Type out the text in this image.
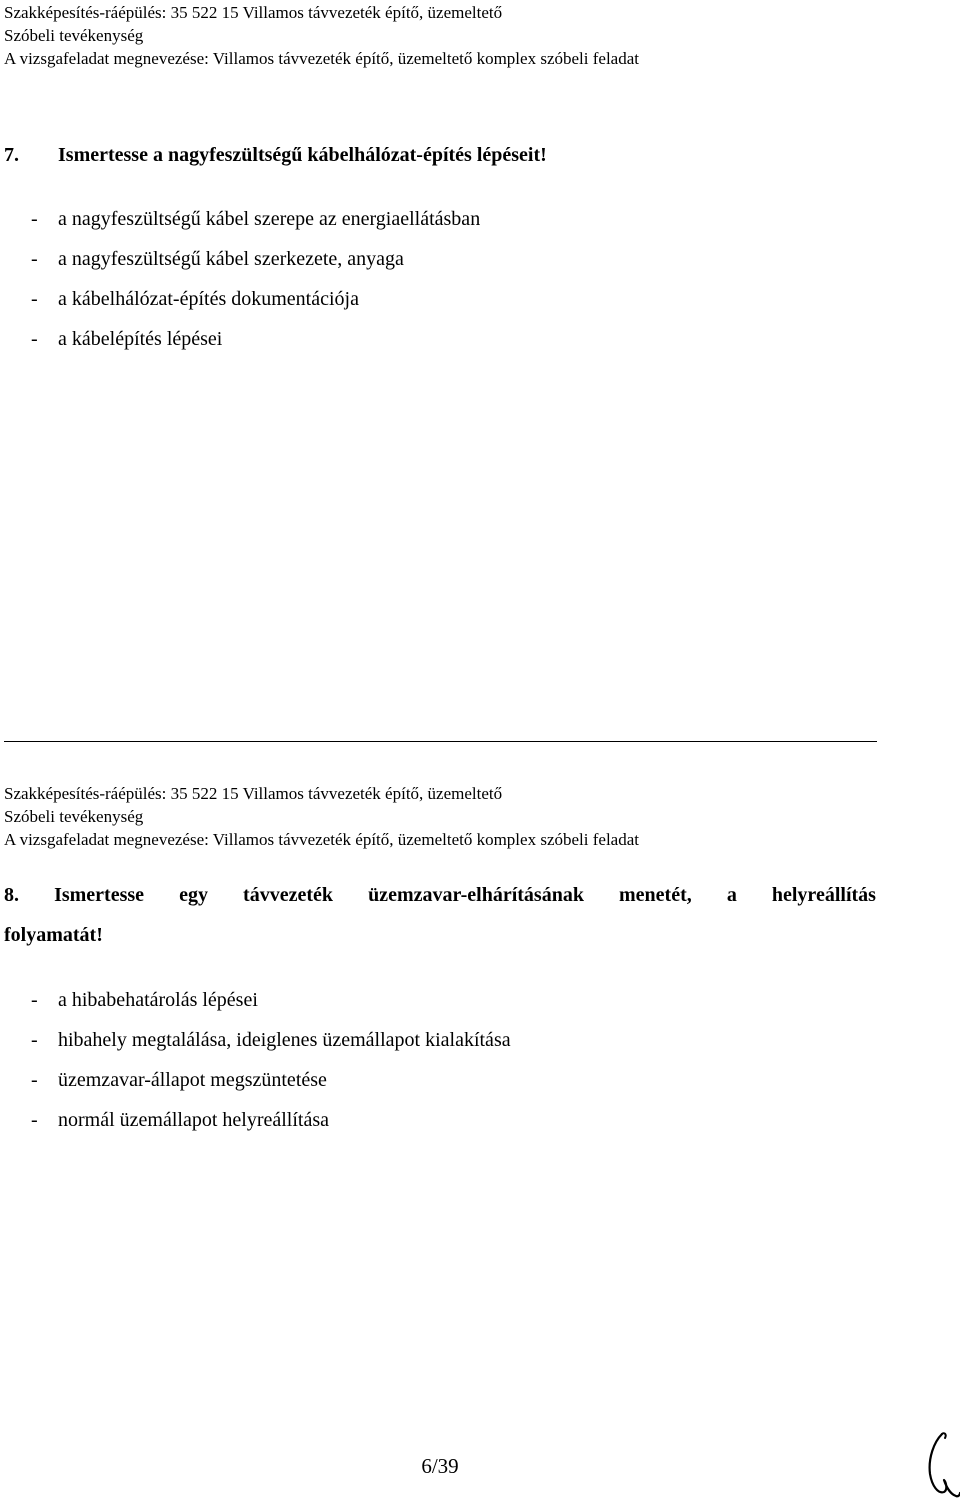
Szakképesítés-ráépülés: 35 522 15 Villamos távvezeték építő, üzemeltető
Szóbeli tevékenység
A vizsgafeladat megnevezése: Villamos távvezeték építő, üzemeltető komplex szóbeli feladat
7. Ismertesse a nagyfeszültségű kábelhálózat-építés lépéseit!
-	a nagyfeszültségű kábel szerepe az energiaellátásban
-	a nagyfeszültségű kábel szerkezete, anyaga
-	a kábelhálózat-építés dokumentációja
-	a kábelépítés lépései
Szakképesítés-ráépülés: 35 522 15 Villamos távvezeték építő, üzemeltető
Szóbeli tevékenység
A vizsgafeladat megnevezése: Villamos távvezeték építő, üzemeltető komplex szóbeli feladat
8. Ismertesse egy távvezeték üzemzavar-elhárításának menetét, a helyreállítás
folyamatát!
-	a hibabehatárolás lépései
-	hibahely megtalálása, ideiglenes üzemállapot kialakítása
-	üzemzavar-állapot megszüntetése
-	normál üzemállapot helyreállítása
6/39
